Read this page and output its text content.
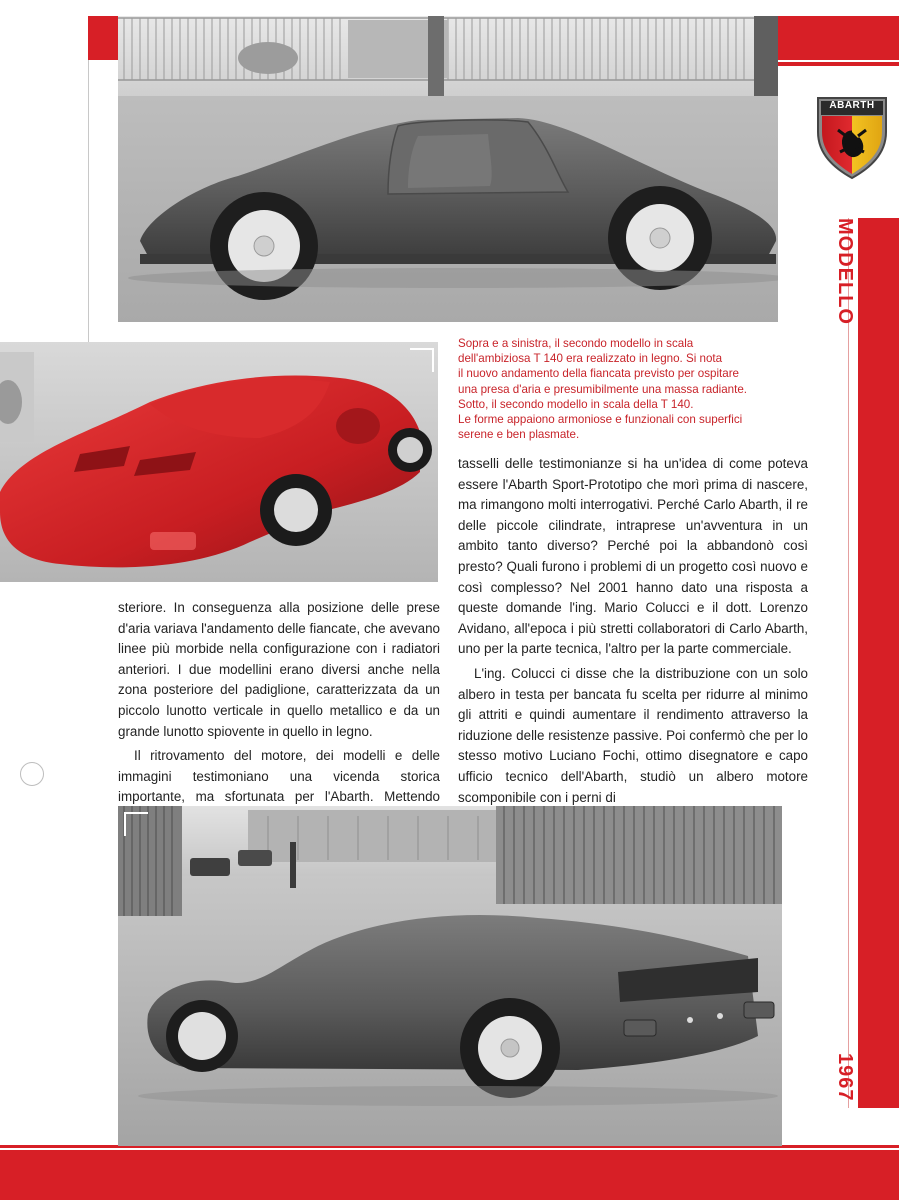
ABARTH
MODELLO
1967

Sopra e a sinistra, il secondo modello in scala

dell'ambiziosa T 140 era realizzato in legno. Si nota

il nuovo andamento della fiancata previsto per ospitare

una presa d'aria e presumibilmente una massa radiante.

Sotto, il secondo modello in scala della T 140.

Le forme appaiono armoniose e funzionali con superfici

serene e ben plasmate.

steriore. In conseguenza alla posizione delle prese d'aria variava l'andamento delle fiancate, che avevano linee più morbide nella configurazione con i radiatori anteriori. I due modellini erano diversi anche nella zona posteriore del padiglione, caratterizzata da un piccolo lunotto verticale in quello metallico e da un grande lunotto spiovente in quello in legno.

Il ritrovamento del motore, dei modelli e delle immagini testimoniano una vicenda storica importante, ma sfortunata per l'Abarth. Mettendo

tasselli delle testimonianze si ha un'idea di come poteva essere l'Abarth Sport-Prototipo che morì prima di nascere, ma rimangono molti interrogativi. Perché Carlo Abarth, il re delle piccole cilindrate, intraprese un'avventura in un ambito tanto diverso? Perché poi la abbandonò così presto? Quali furono i problemi di un progetto così nuovo e così complesso? Nel 2001 hanno dato una risposta a queste domande l'ing. Mario Colucci e il dott. Lorenzo Avidano, all'epoca i più stretti collaboratori di Carlo Abarth, uno per la parte tecnica, l'altro per la parte commerciale.

L'ing. Colucci ci disse che la distribuzione con un solo albero in testa per bancata fu scelta per ridurre al minimo gli attriti e quindi aumentare il rendimento attraverso la riduzione delle resistenze passive. Poi confermò che per lo stesso motivo Luciano Fochi, ottimo disegnatore e capo ufficio tecnico dell'Abarth, studiò un albero motore scomponibile con i perni di
